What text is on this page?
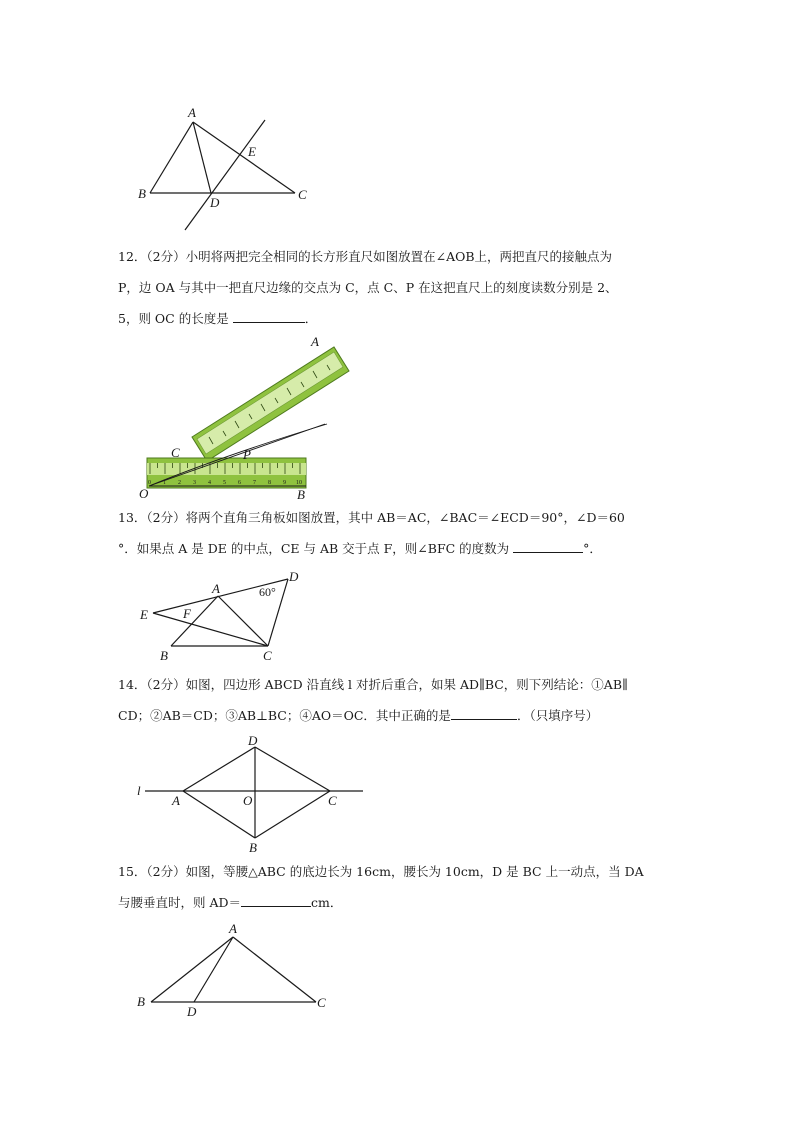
A
B	C
D
E

12．（2分）小明将两把完全相同的长方形直尺如图放置在∠AOB上，两把直尺的接触点为

P，边 OA 与其中一把直尺边缘的交点为 C，点 C、P 在这把直尺上的刻度读数分别是 2、

5，则 OC 的长度是	．

0 1 2 3 4 5 6 7 8 9 10
A
C	P
O	B

13．（2分）将两个直角三角板如图放置，其中 AB＝AC，∠BAC＝∠ECD＝90°，∠D＝60

°．如果点 A 是 DE 的中点，CE 与 AB 交于点 F，则∠BFC 的度数为	°．

A
B	C
D
E	F
60°

14．（2分）如图，四边形 ABCD 沿直线 l 对折后重合，如果 AD∥BC，则下列结论：①AB∥

CD；②AB＝CD；③AB⊥BC；④AO＝OC．其中正确的是	．（只填序号）

l
A	O	C
D
B

15．（2分）如图，等腰△ABC 的底边长为 16cm，腰长为 10cm，D 是 BC 上一动点，当 DA

与腰垂直时，则 AD＝	cm．

A
B	C
D
